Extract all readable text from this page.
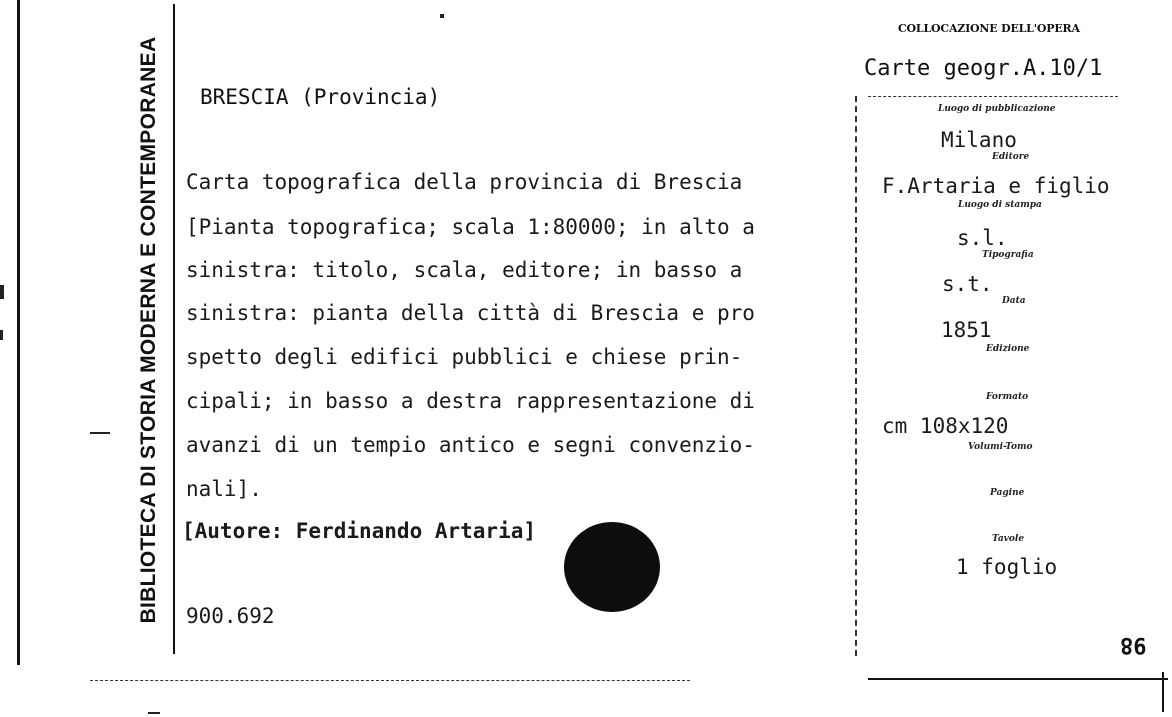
BIBLIOTECA DI STORIA MODERNA E CONTEMPORANEA
COLLOCAZIONE DELL'OPERA
Carte geogr.A.10/1
BRESCIA (Provincia)
Carta topografica della provincia di Brescia
[Pianta topografica; scala 1:80000; in alto a
sinistra: titolo, scala, editore; in basso a
sinistra: pianta della città di Brescia e pro
spetto degli edifici pubblici e chiese prin-
cipali; in basso a destra rappresentazione di
avanzi di un tempio antico e segni convenzio-
nali].
[Autore: Ferdinando Artaria]
900.692
Luogo di pubblicazione
Milano
Editore
F.Artaria e figlio
Luogo di stampa
s.l.
Tipografia
s.t.
Data
1851
Edizione
Formato
cm 108x120
Volumi-Tomo
Pagine
Tavole
1 foglio
98
